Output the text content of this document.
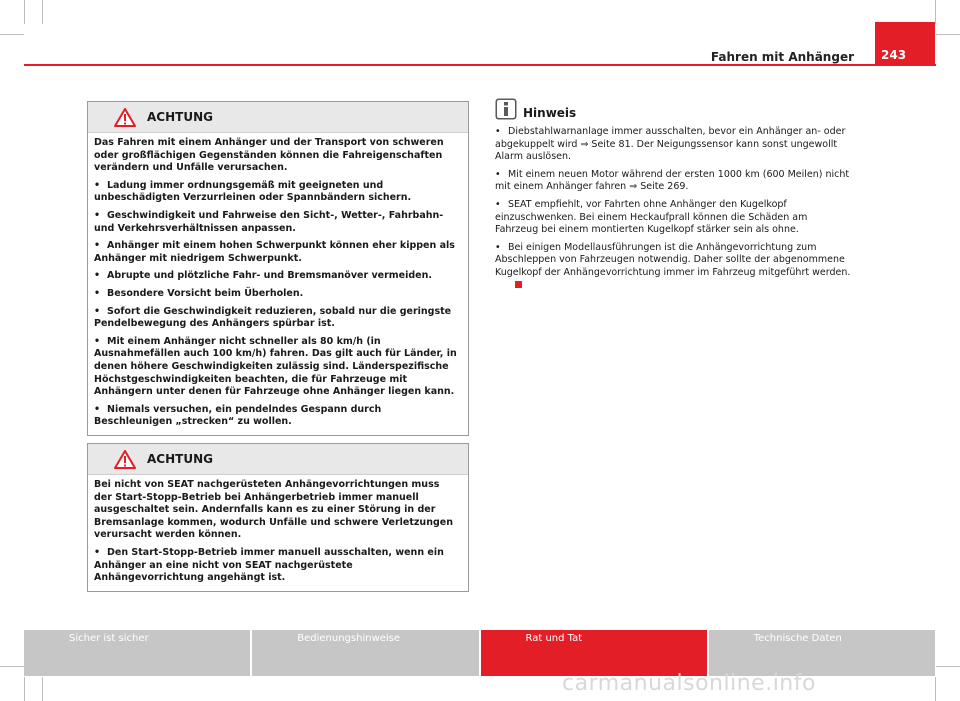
Fahren mit Anhänger	243
ACHTUNG

Das Fahren mit einem Anhänger und der Transport von schweren oder großflächigen Gegenständen können die Fahreigenschaften verändern und Unfälle verursachen.

• Ladung immer ordnungsgemäß mit geeigneten und unbeschädigten Verzurrleinen oder Spannbändern sichern.

• Geschwindigkeit und Fahrweise den Sicht-, Wetter-, Fahrbahn- und Verkehrsverhältnissen anpassen.

• Anhänger mit einem hohen Schwerpunkt können eher kippen als Anhänger mit niedrigem Schwerpunkt.

• Abrupte und plötzliche Fahr- und Bremsmanöver vermeiden.

• Besondere Vorsicht beim Überholen.

• Sofort die Geschwindigkeit reduzieren, sobald nur die geringste Pendelbewegung des Anhängers spürbar ist.

• Mit einem Anhänger nicht schneller als 80 km/h (in Ausnahmefällen auch 100 km/h) fahren. Das gilt auch für Länder, in denen höhere Geschwindigkeiten zulässig sind. Länderspezifische Höchstgeschwindigkeiten beachten, die für Fahrzeuge mit Anhängern unter denen für Fahrzeuge ohne Anhänger liegen kann.

• Niemals versuchen, ein pendelndes Gespann durch Beschleunigen „strecken“ zu wollen.

ACHTUNG

Bei nicht von SEAT nachgerüsteten Anhängevorrichtungen muss der Start-Stopp-Betrieb bei Anhängerbetrieb immer manuell ausgeschaltet sein. Andernfalls kann es zu einer Störung in der Bremsanlage kommen, wodurch Unfälle und schwere Verletzungen verursacht werden können.

• Den Start-Stopp-Betrieb immer manuell ausschalten, wenn ein Anhänger an eine nicht von SEAT nachgerüstete Anhängevorrichtung angehängt ist.

Hinweis

• Diebstahlwarnanlage immer ausschalten, bevor ein Anhänger an- oder abgekuppelt wird ⇒ Seite 81. Der Neigungssensor kann sonst ungewollt Alarm auslösen.

• Mit einem neuen Motor während der ersten 1000 km (600 Meilen) nicht mit einem Anhänger fahren ⇒ Seite 269.

• SEAT empfiehlt, vor Fahrten ohne Anhänger den Kugelkopf einzuschwenken. Bei einem Heckaufprall können die Schäden am Fahrzeug bei einem montierten Kugelkopf stärker sein als ohne.

• Bei einigen Modellausführungen ist die Anhängevorrichtung zum Abschleppen von Fahrzeugen notwendig. Daher sollte der abgenommene Kugelkopf der Anhängevorrichtung immer im Fahrzeug mitgeführt werden.

Sicher ist sicher	Bedienungshinweise	Rat und Tat	Technische Daten
carmanualsonline.info
